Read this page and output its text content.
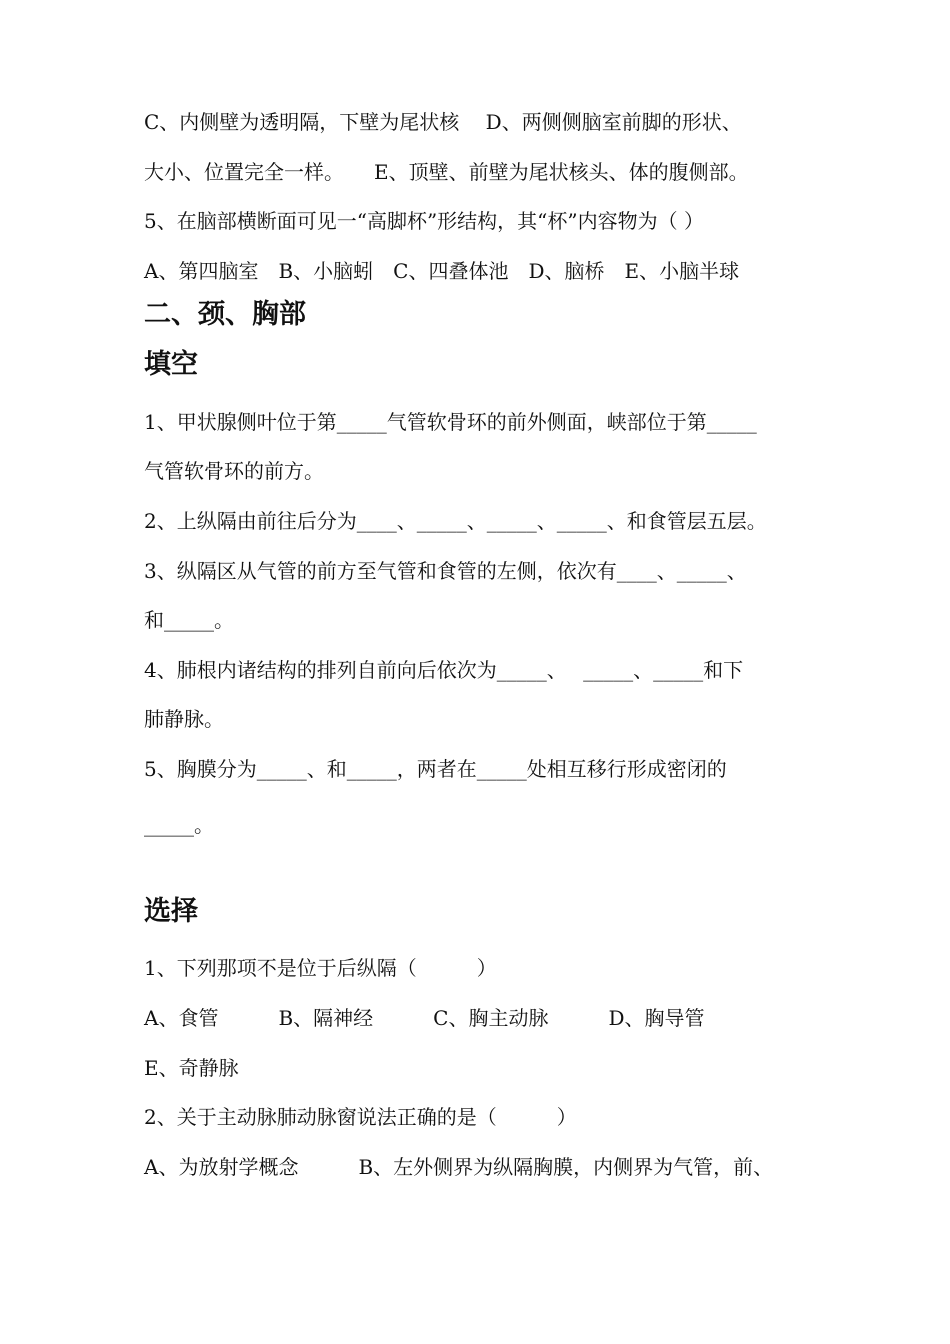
C、内侧壁为透明隔，下壁为尾状核　 D、两侧侧脑室前脚的形状、
大小、位置完全一样。　　E、顶壁、前壁为尾状核头、体的腹侧部。
5、在脑部横断面可见一“高脚杯”形结构，其“杯”内容物为（ ）
A、第四脑室　B、小脑蚓　C、四叠体池　D、脑桥　E、小脑半球
二、颈、胸部
填空
1、甲状腺侧叶位于第_____气管软骨环的前外侧面，峡部位于第_____
气管软骨环的前方。
2、上纵隔由前往后分为____、_____、_____、_____、和食管层五层。
3、纵隔区从气管的前方至气管和食管的左侧，依次有____、_____、
和_____。
4、肺根内诸结构的排列自前向后依次为_____、　 _____、_____和下
肺静脉。
5、胸膜分为_____、和_____，两者在_____处相互移行形成密闭的
_____。
选择
1、下列那项不是位于后纵隔（　　　）
A、食管　　　B、隔神经　　　C、胸主动脉　　　D、胸导管
E、奇静脉
2、关于主动脉肺动脉窗说法正确的是（　　　）
A、为放射学概念　　　B、左外侧界为纵隔胸膜，内侧界为气管，前、
